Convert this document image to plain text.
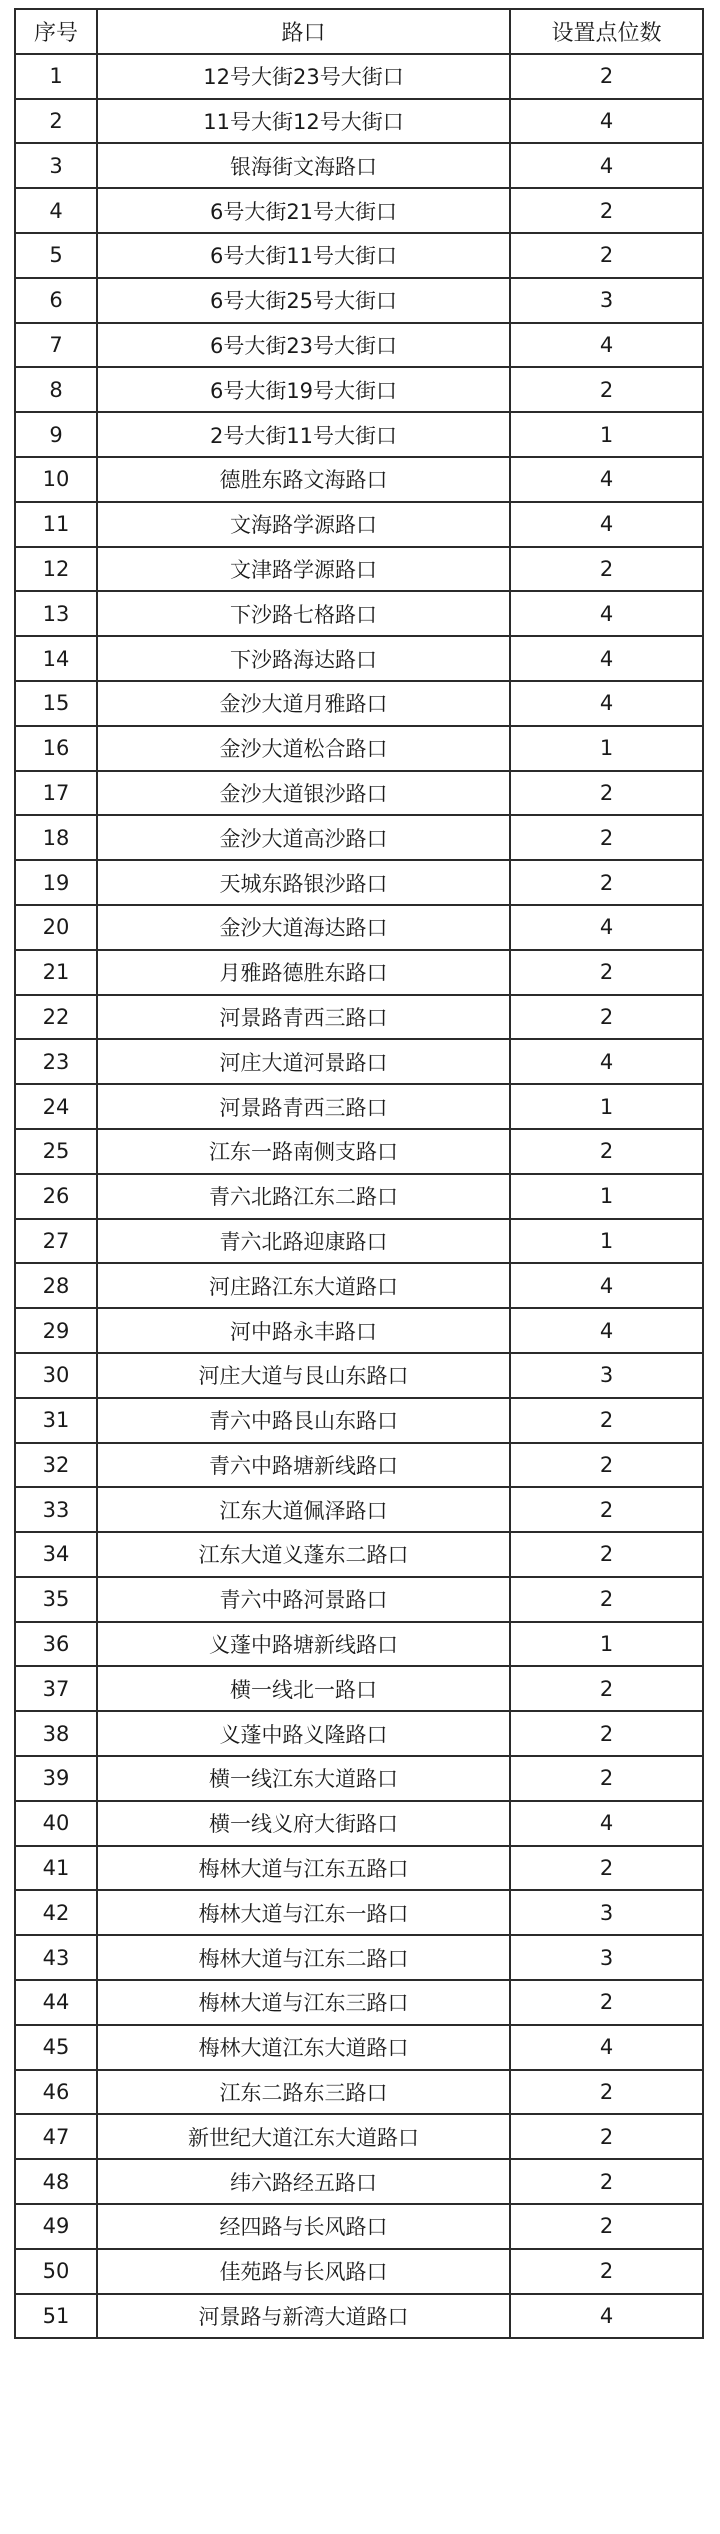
序号	路口	设置点位数
1	12号大街23号大街口	2
2	11号大街12号大街口	4
3	银海街文海路口	4
4	6号大街21号大街口	2
5	6号大街11号大街口	2
6	6号大街25号大街口	3
7	6号大街23号大街口	4
8	6号大街19号大街口	2
9	2号大街11号大街口	1
10	德胜东路文海路口	4
11	文海路学源路口	4
12	文津路学源路口	2
13	下沙路七格路口	4
14	下沙路海达路口	4
15	金沙大道月雅路口	4
16	金沙大道松合路口	1
17	金沙大道银沙路口	2
18	金沙大道高沙路口	2
19	天城东路银沙路口	2
20	金沙大道海达路口	4
21	月雅路德胜东路口	2
22	河景路青西三路口	2
23	河庄大道河景路口	4
24	河景路青西三路口	1
25	江东一路南侧支路口	2
26	青六北路江东二路口	1
27	青六北路迎康路口	1
28	河庄路江东大道路口	4
29	河中路永丰路口	4
30	河庄大道与艮山东路口	3
31	青六中路艮山东路口	2
32	青六中路塘新线路口	2
33	江东大道佩泽路口	2
34	江东大道义蓬东二路口	2
35	青六中路河景路口	2
36	义蓬中路塘新线路口	1
37	横一线北一路口	2
38	义蓬中路义隆路口	2
39	横一线江东大道路口	2
40	横一线义府大街路口	4
41	梅林大道与江东五路口	2
42	梅林大道与江东一路口	3
43	梅林大道与江东二路口	3
44	梅林大道与江东三路口	2
45	梅林大道江东大道路口	4
46	江东二路东三路口	2
47	新世纪大道江东大道路口	2
48	纬六路经五路口	2
49	经四路与长风路口	2
50	佳苑路与长风路口	2
51	河景路与新湾大道路口	4
